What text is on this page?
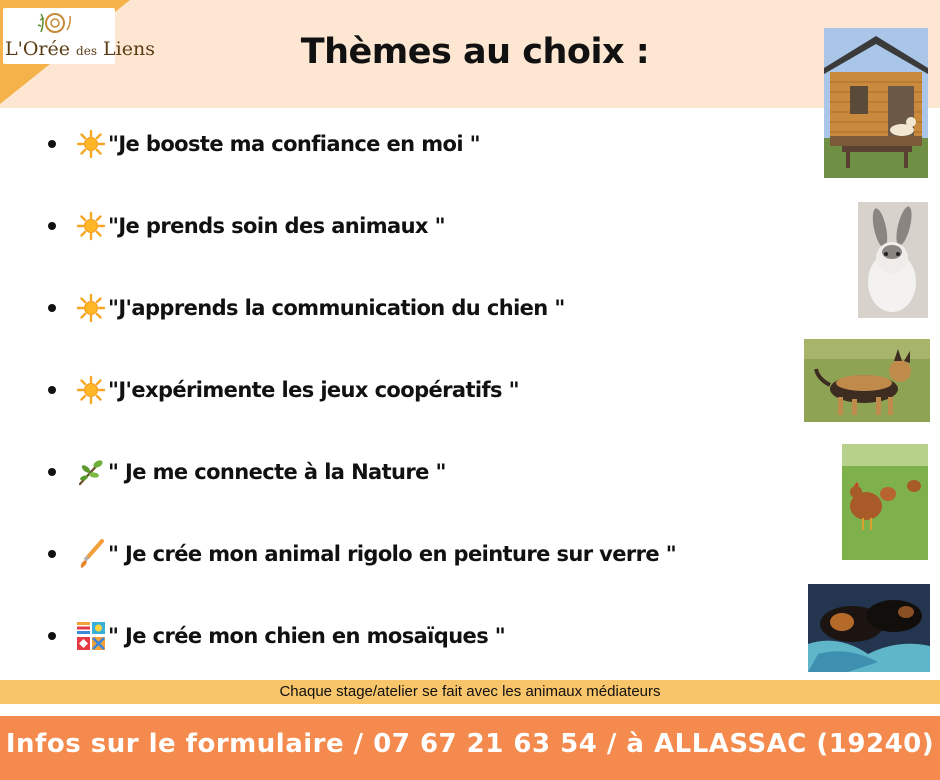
L'Orée des Liens	Thèmes au choix :
"Je booste ma confiance en moi "
"Je prends soin des animaux "
"J'apprends la communication du chien "
"J'expérimente les jeux coopératifs "
" Je me connecte à la Nature "
" Je crée mon animal rigolo en peinture sur verre "
" Je crée mon chien en mosaïques "
Chaque stage/atelier se fait avec les animaux médiateurs
Infos sur le formulaire / 07 67 21 63 54 / à ALLASSAC (19240)
